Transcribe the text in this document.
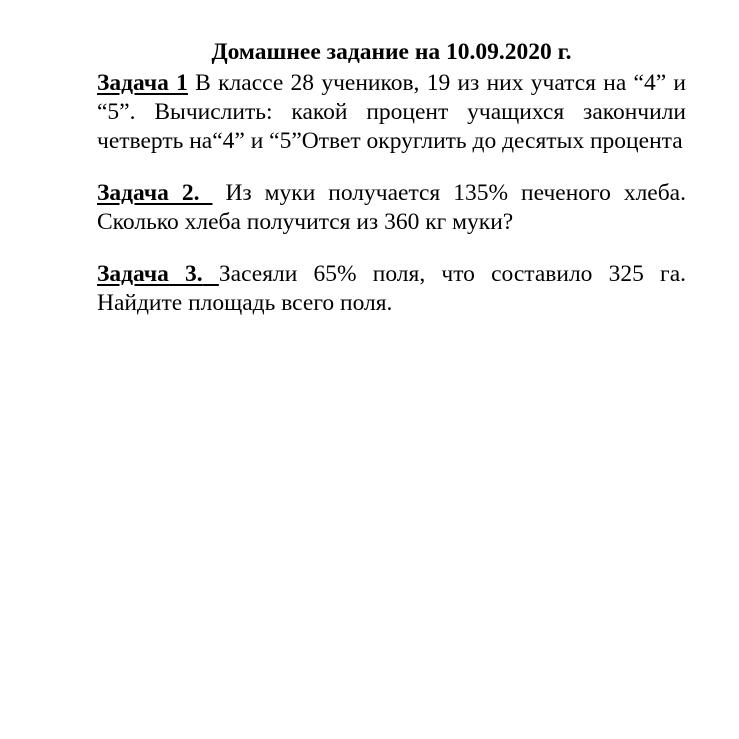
Домашнее задание на 10.09.2020 г.

Задача 1 В классе 28 учеников, 19 из них учатся на “4” и “5”. Вычислить: какой процент учащихся закончили четверть на“4” и “5”Ответ округлить до десятых процента

Задача 2. Из муки получается 135% печеного хлеба. Сколько хлеба получится из 360 кг муки?

Задача 3. Засеяли 65% поля, что составило 325 га. Найдите площадь всего поля.
